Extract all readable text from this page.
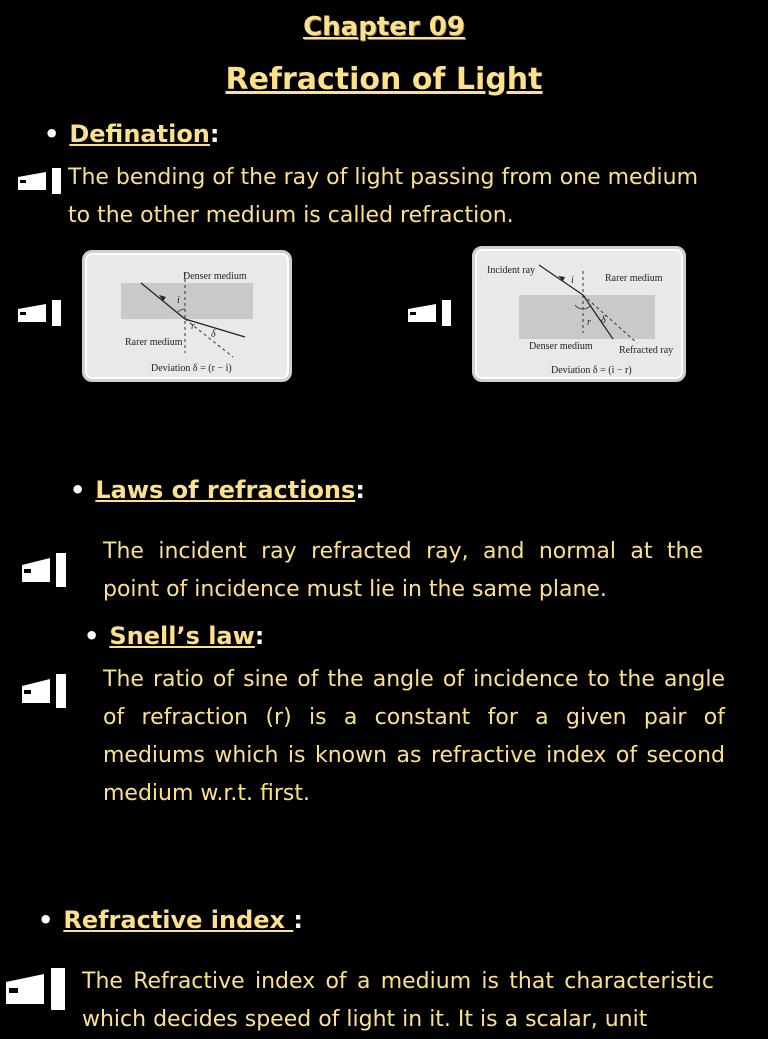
Chapter 09
Refraction of Light
• Defination:
The bending of the ray of light passing from one medium
to the other medium is called refraction.
Denser medium
Rarer medium
i
r
δ
Deviation δ = (r − i)
Incident ray
Rarer medium
Denser medium	Refracted ray
i
r δ
Deviation δ = (i − r)
• Laws of refractions:
The incident ray refracted ray, and normal at the point of incidence must lie in the same plane.
• Snell’s law:
The ratio of sine of the angle of incidence to the angle of refraction (r) is a constant for a given pair of mediums which is known as refractive index of second medium w.r.t. first.
• Refractive index :
The Refractive index of a medium is that characteristic which decides speed of light in it. It is a scalar, unit
